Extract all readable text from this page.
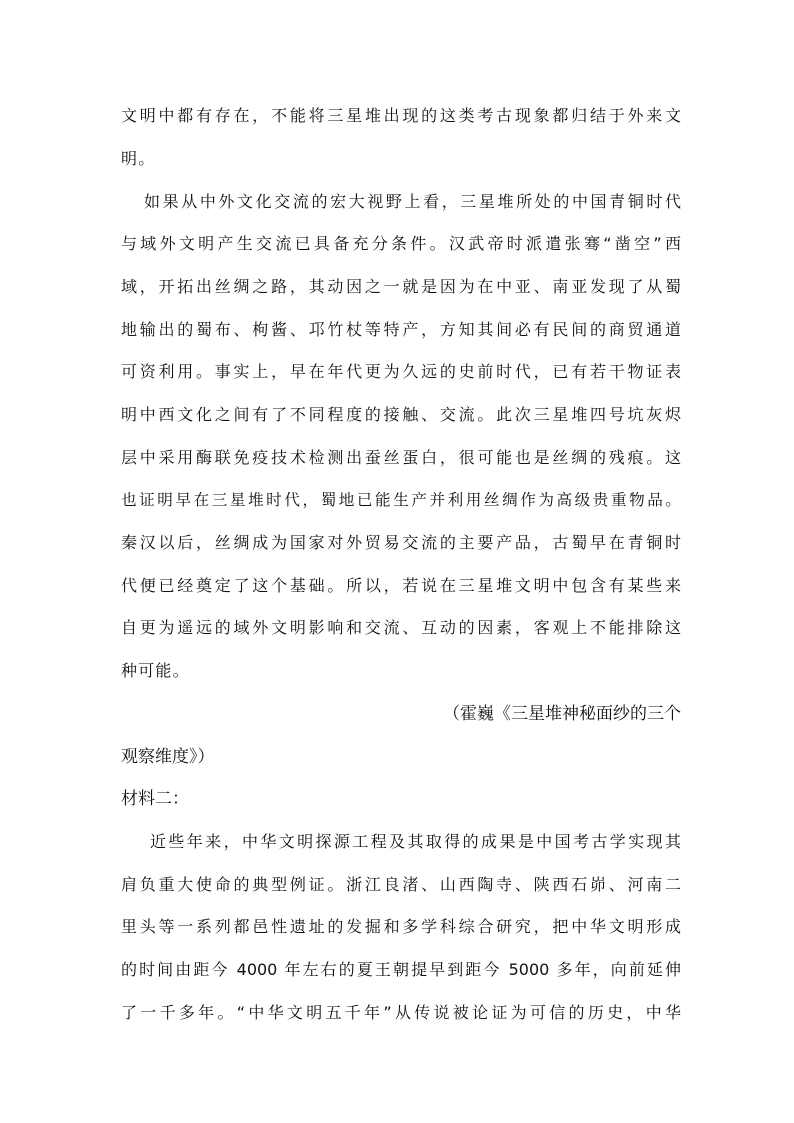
文明中都有存在，不能将三星堆出现的这类考古现象都归结于外来文
明。
如果从中外文化交流的宏大视野上看，三星堆所处的中国青铜时代
与域外文明产生交流已具备充分条件。汉武帝时派遣张骞“凿空”西
域，开拓出丝绸之路，其动因之一就是因为在中亚、南亚发现了从蜀
地输出的蜀布、枸酱、邛竹杖等特产，方知其间必有民间的商贸通道
可资利用。事实上，早在年代更为久远的史前时代，已有若干物证表
明中西文化之间有了不同程度的接触、交流。此次三星堆四号坑灰烬
层中采用酶联免疫技术检测出蚕丝蛋白，很可能也是丝绸的残痕。这
也证明早在三星堆时代，蜀地已能生产并利用丝绸作为高级贵重物品。
秦汉以后，丝绸成为国家对外贸易交流的主要产品，古蜀早在青铜时
代便已经奠定了这个基础。所以，若说在三星堆文明中包含有某些来
自更为遥远的域外文明影响和交流、互动的因素，客观上不能排除这
种可能。
（霍巍《三星堆神秘面纱的三个
观察维度》）
材料二：
近些年来，中华文明探源工程及其取得的成果是中国考古学实现其
肩负重大使命的典型例证。浙江良渚、山西陶寺、陕西石峁、河南二
里头等一系列都邑性遗址的发掘和多学科综合研究，把中华文明形成
的时间由距今 4000 年左右的夏王朝提早到距今 5000 多年，向前延伸
了一千多年。“中华文明五千年”从传说被论证为可信的历史，中华
